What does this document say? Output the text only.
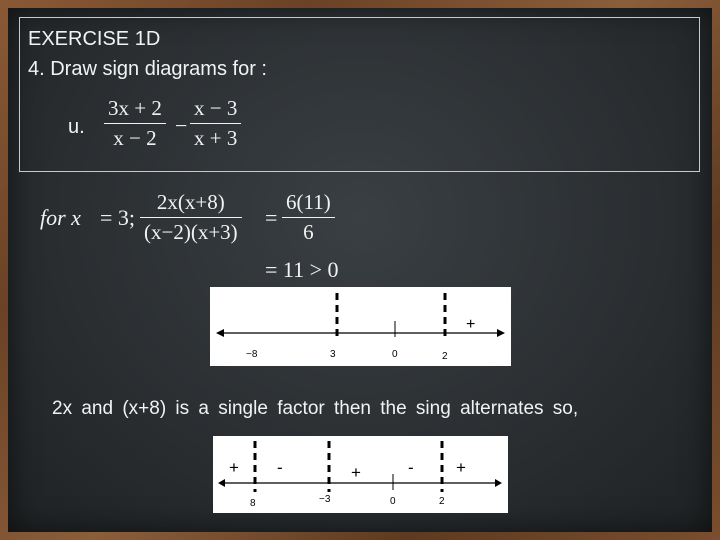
EXERCISE 1D
4. Draw sign diagrams for :
u.
3x + 2
x − 2 −
x − 3
x + 3
for x = 3;
2x(x+8)
(x−2)(x+3)
=
6(11)
6
= 11 > 0
+
−8	3	0	2
2x and (x+8) is a single factor then the sing alternates so,
+ -	+	- +
8	−3	0	2
